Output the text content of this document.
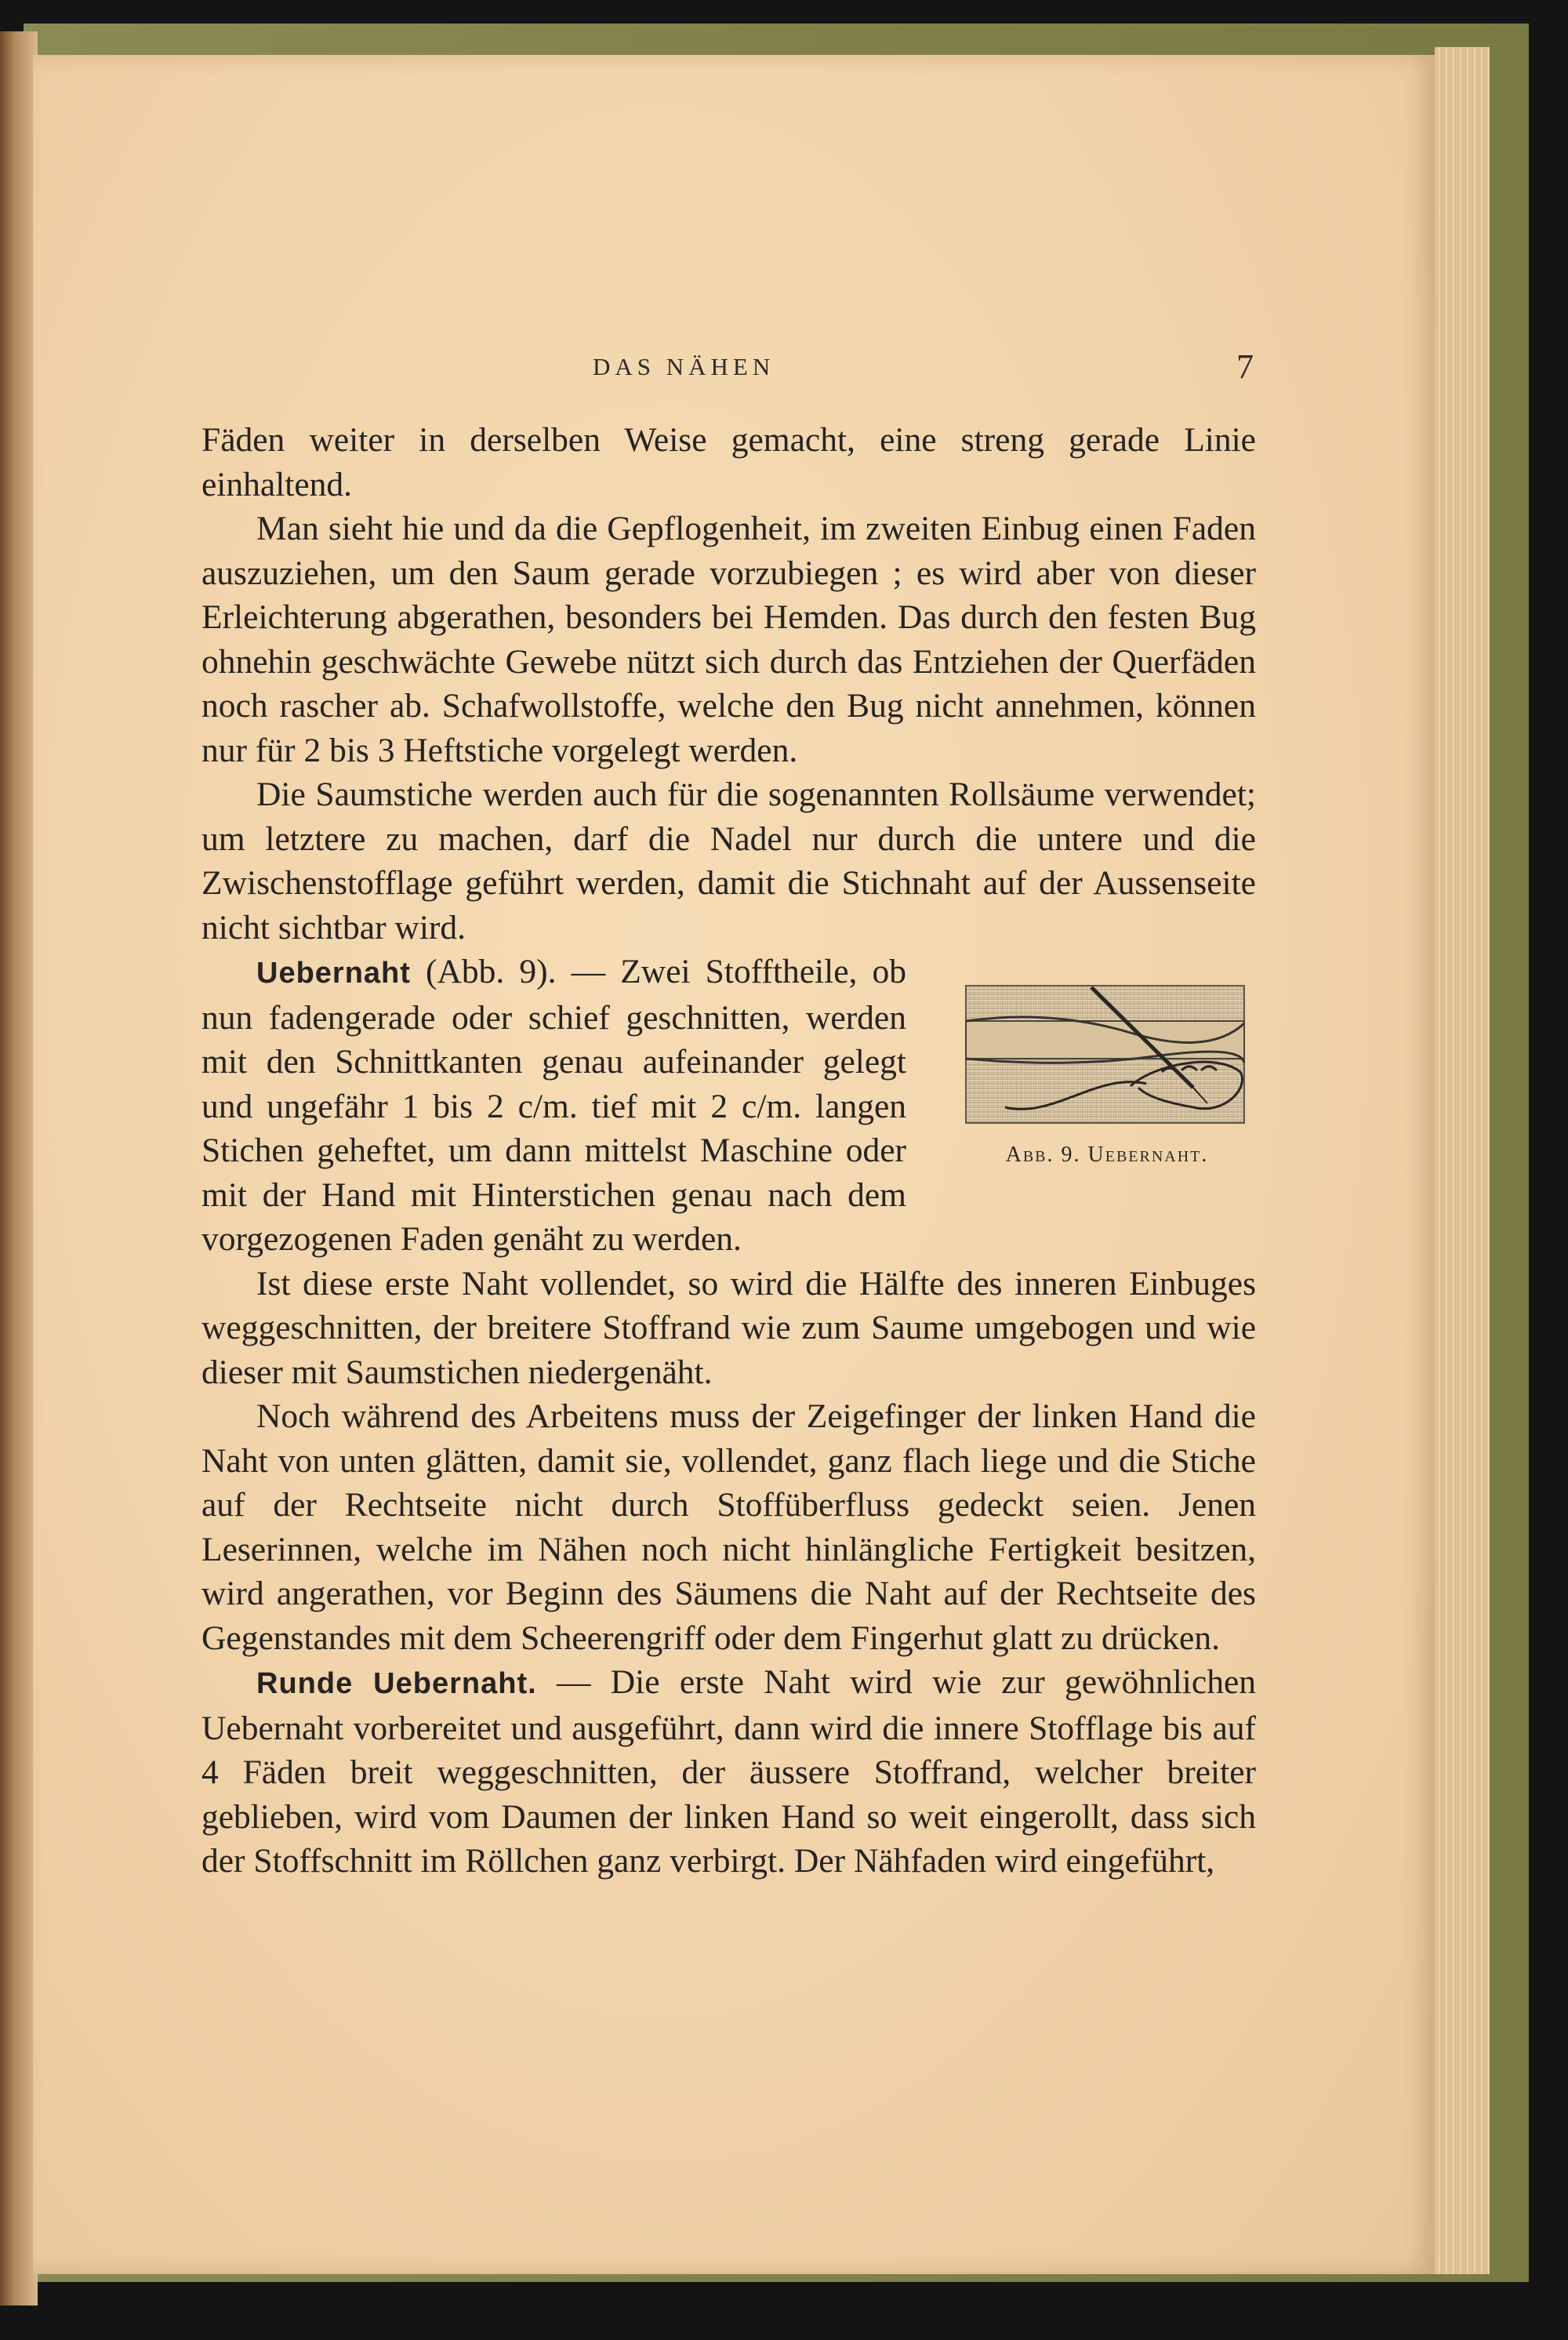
DAS NÄHEN	7

Fäden weiter in derselben Weise gemacht, eine streng gerade Linie einhaltend.

Man sieht hie und da die Gepflogenheit, im zweiten Einbug einen Faden auszuziehen, um den Saum gerade vorzubiegen ; es wird aber von dieser Erleichterung abgerathen, besonders bei Hemden. Das durch den festen Bug ohnehin geschwächte Gewebe nützt sich durch das Entziehen der Querfäden noch rascher ab. Schafwollstoffe, welche den Bug nicht annehmen, können nur für 2 bis 3 Heftstiche vorgelegt werden.

Die Saumstiche werden auch für die sogenannten Rollsäume verwendet; um letztere zu machen, darf die Nadel nur durch die untere und die Zwischenstofflage geführt werden, damit die Stichnaht auf der Aussenseite nicht sichtbar wird.

Uebernaht
Abb. 9. Uebernaht.
(Abb. 9). — Zwei Stofftheile, ob nun fadengerade oder schief geschnitten, werden mit den Schnittkanten genau aufeinander gelegt und ungefähr 1 bis 2 c/m. tief mit 2 c/m. langen Stichen geheftet, um dann mittelst Maschine oder mit der Hand mit Hinterstichen genau nach dem vorgezogenen Faden genäht zu werden.

Ist diese erste Naht vollendet, so wird die Hälfte des inneren Einbuges weggeschnitten, der breitere Stoffrand wie zum Saume umgebogen und wie dieser mit Saumstichen niedergenäht.

Noch während des Arbeitens muss der Zeigefinger der linken Hand die Naht von unten glätten, damit sie, vollendet, ganz flach liege und die Stiche auf der Rechtseite nicht durch Stoffüberfluss gedeckt seien. Jenen Leserinnen, welche im Nähen noch nicht hinlängliche Fertigkeit besitzen, wird angerathen, vor Beginn des Säumens die Naht auf der Rechtseite des Gegenstandes mit dem Scheerengriff oder dem Fingerhut glatt zu drücken.

Runde Uebernaht. — Die erste Naht wird wie zur gewöhnlichen Uebernaht vorbereitet und ausgeführt, dann wird die innere Stofflage bis auf 4 Fäden breit weggeschnitten, der äussere Stoffrand, welcher breiter geblieben, wird vom Daumen der linken Hand so weit eingerollt, dass sich der Stoffschnitt im Röllchen ganz verbirgt. Der Nähfaden wird eingeführt,
